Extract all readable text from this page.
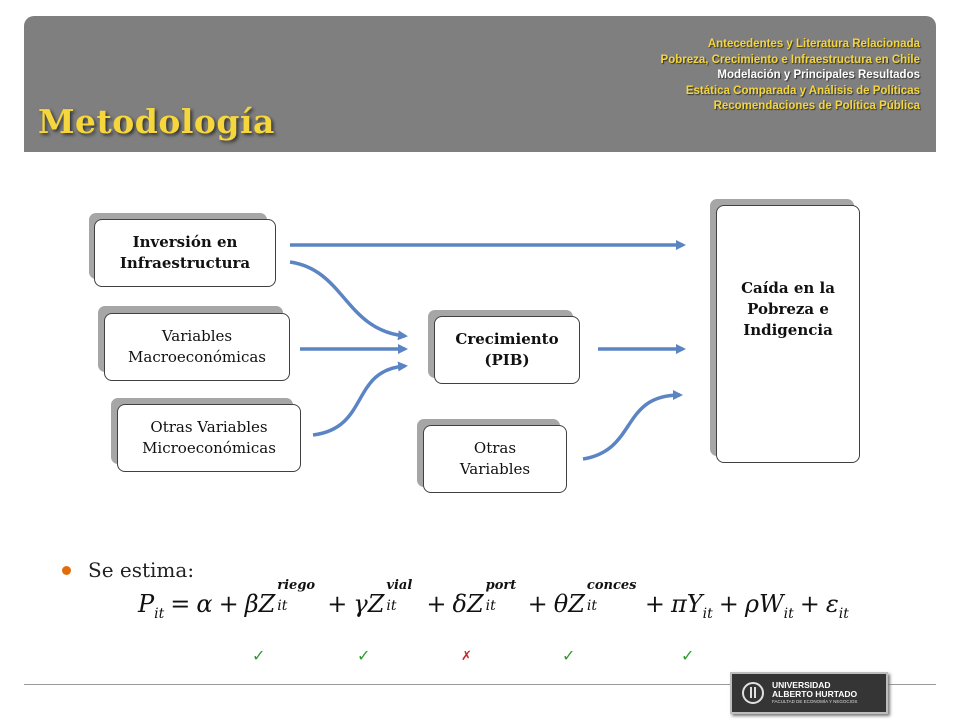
Metodología
Antecedentes y Literatura Relacionada
Pobreza, Crecimiento e Infraestructura en Chile
Modelación y Principales Resultados
Estática Comparada y Análisis de Políticas
Recomendaciones de Política Pública
Inversión en
Infraestructura
Variables
Macroeconómicas
Otras Variables
Microeconómicas
Crecimiento
(PIB)
Otras
Variables
Caída en la
Pobreza e
Indigencia
Se estima:
$P_{it} = \alpha + \beta Z$
riego
it + γZ
vial
it + δZ
port
it + θZ
conces
it + $\pi Y_{it} + \rho W_{it} + \varepsilon_{it}$
✓	✓	✗	✓	✓
UNIVERSIDAD
ALBERTO HURTADO
FACULTAD DE ECONOMÍA Y NEGOCIOS
